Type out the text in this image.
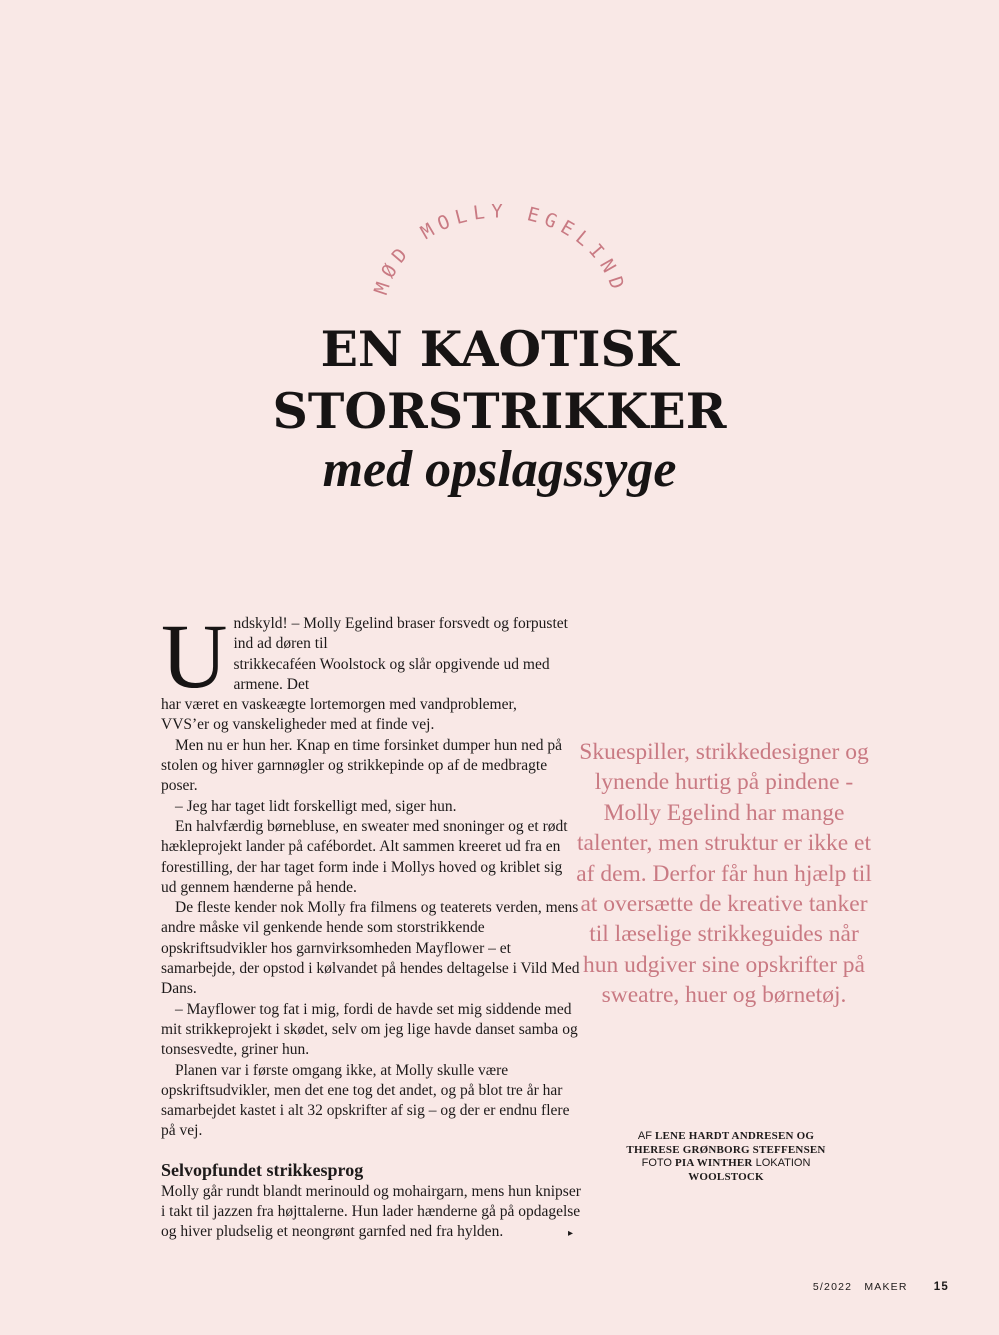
MØD MOLLY EGELIND
EN KAOTISK
STORSTRIKKER
med opslagssyge
U ndskyld! – Molly Egelind braser forsvedt og forpustet ind ad døren til
strikkecaféen Woolstock og slår opgivende ud med armene. Det
har været en vaskeægte lortemorgen med vandproblemer,
VVS’er og vanskeligheder med at finde vej.

Men nu er hun her. Knap en time forsinket dumper hun ned på stolen og hiver garnnøgler og strikkepinde op af de medbragte poser.

– Jeg har taget lidt forskelligt med, siger hun.

En halvfærdig børnebluse, en sweater med snoninger og et rødt hækleprojekt lander på cafébordet. Alt sammen kreeret ud fra en forestilling, der har taget form inde i Mollys hoved og kriblet sig ud gennem hænderne på hende.

De fleste kender nok Molly fra filmens og teaterets verden, mens andre måske vil genkende hende som storstrikkende opskriftsudvikler hos garnvirksomheden Mayflower – et samarbejde, der opstod i kølvandet på hendes deltagelse i Vild Med Dans.

– Mayflower tog fat i mig, fordi de havde set mig siddende med mit strikkeprojekt i skødet, selv om jeg lige havde danset samba og tonsesvedte, griner hun.

Planen var i første omgang ikke, at Molly skulle være opskriftsudvikler, men det ene tog det andet, og på blot tre år har samarbejdet kastet i alt 32 opskrifter af sig – og der er endnu flere på vej.

Selvopfundet strikkesprog

Molly går rundt blandt merinould og mohairgarn, mens hun knipser i takt til jazzen fra højttalerne. Hun lader hænderne gå på opdagelse og hiver pludselig et neongrønt garnfed ned fra hylden.	▸
Skuespiller, strikkedesigner og lynende hurtig på pindene - Molly Egelind har mange talenter, men struktur er ikke et af dem. Derfor får hun hjælp til at oversætte de kreative tanker til læselige strikkeguides når hun udgiver sine opskrifter på sweatre, huer og børnetøj.
AF LENE HARDT ANDRESEN OG THERESE GRØNBORG STEFFENSEN FOTO PIA WINTHER LOKATION WOOLSTOCK
5/2022 MAKER 15
